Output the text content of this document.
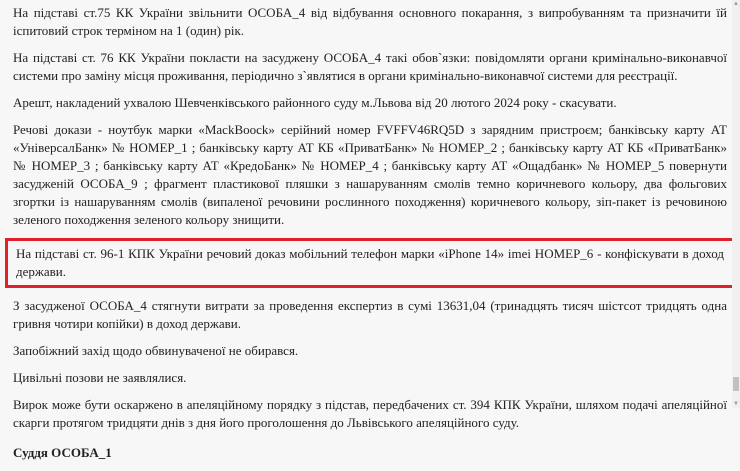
На підставі ст.75 КК України звільнити ОСОБА_4 від відбування основного покарання, з випробуванням та призначити їй іспитовий строк терміном на 1 (один) рік.

На підставі ст. 76 КК України покласти на засуджену ОСОБА_4 такі обов`язки: повідомляти органи кримінально-виконавчої системи про заміну місця проживання, періодично з`являтися в органи кримінально-виконавчої системи для реєстрації.

Арешт, накладений ухвалою Шевченківського районного суду м.Львова від 20 лютого 2024 року - скасувати.

Речові докази - ноутбук марки «MackBoock» серійний номер FVFFV46RQ5D з зарядним пристроєм; банківську карту АТ «УніверсалБанк» № НОМЕР_1 ; банківську карту АТ КБ «ПриватБанк» № НОМЕР_2 ; банківську карту АТ КБ «ПриватБанк» № НОМЕР_3 ; банківську карту АТ «КредоБанк» № НОМЕР_4 ; банківську карту АТ «Ощадбанк» № НОМЕР_5 повернути засудженій ОСОБА_9 ; фрагмент пластикової пляшки з нашаруванням смолів темно коричневого кольору, два фольгових згортки із нашаруванням смолів (випаленої речовини рослинного походження) коричневого кольору, зіп-пакет із речовиною зеленого походження зеленого кольору знищити.

На підставі ст. 96-1 КПК України речовий доказ мобільний телефон марки «iPhone 14» imei НОМЕР_6 - конфіскувати в доход держави.

З засудженої ОСОБА_4 стягнути витрати за проведення експертиз в сумі 13631,04 (тринадцять тисяч шістсот тридцять одна гривня чотири копійки) в доход держави.

Запобіжний захід щодо обвинуваченої не обирався.

Цивільні позови не заявлялися.

Вирок може бути оскаржено в апеляційному порядку з підстав, передбачених ст. 394 КПК України, шляхом подачі апеляційної скарги протягом тридцяти днів з дня його проголошення до Львівського апеляційного суду.

Суддя ОСОБА_1

▲
▼
